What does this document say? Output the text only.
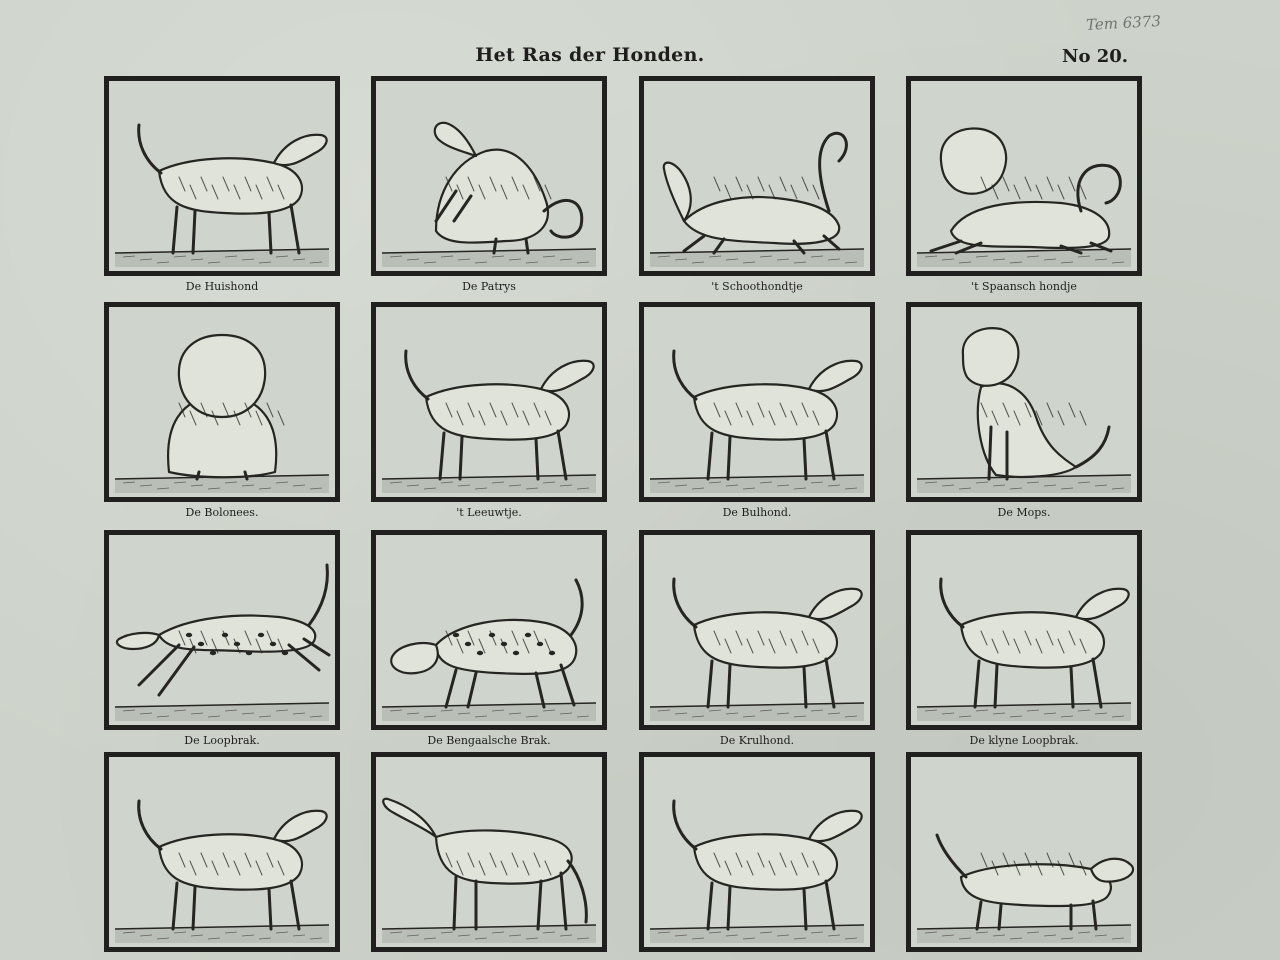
Het Ras der Honden.	No 20.
Tem 6373
De Huishond	De Patrys	't Schoothondtje	't Spaansch hondje
De Bolonees.	't Leeuwtje.	De Bulhond.	De Mops.
De Loopbrak.	De Bengaalsche Brak.	De Krulhond.	De klyne Loopbrak.
